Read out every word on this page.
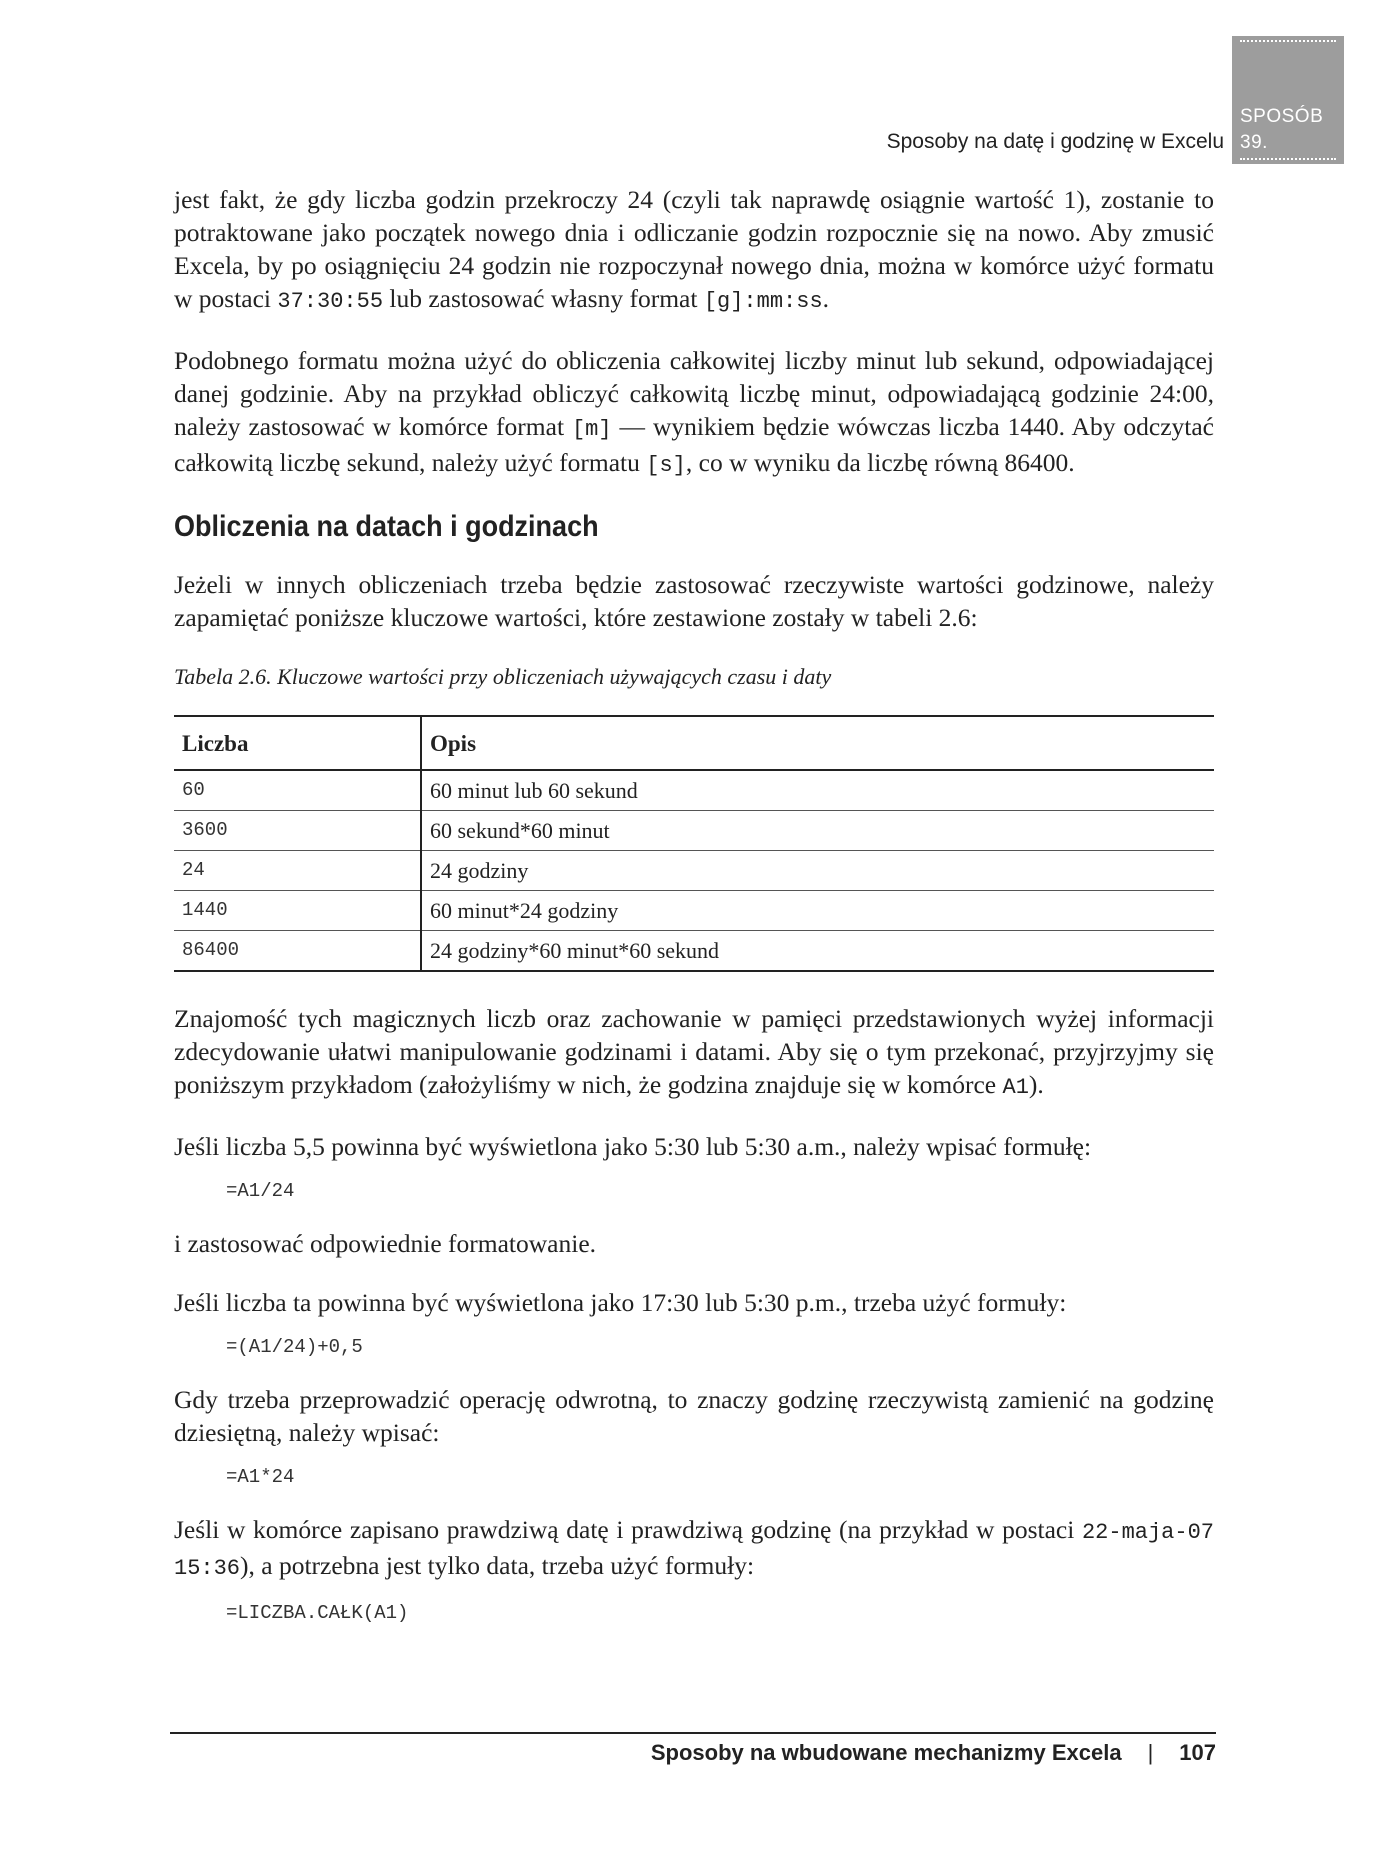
SPOSÓB
39.
Sposoby na datę i godzinę w Excelu

jest fakt, że gdy liczba godzin przekroczy 24 (czyli tak naprawdę osiągnie wartość 1), zostanie to potraktowane jako początek nowego dnia i odliczanie godzin rozpocznie się na nowo. Aby zmusić Excela, by po osiągnięciu 24 godzin nie rozpoczynał nowego dnia, można w komórce użyć formatu w postaci 37:30:55 lub zastosować własny format [g]:mm:ss.

Podobnego formatu można użyć do obliczenia całkowitej liczby minut lub sekund, odpowiadającej danej godzinie. Aby na przykład obliczyć całkowitą liczbę minut, odpowiadającą godzinie 24:00, należy zastosować w komórce format [m] — wynikiem będzie wówczas liczba 1440. Aby odczytać całkowitą liczbę sekund, należy użyć formatu [s], co w wyniku da liczbę równą 86400.

Obliczenia na datach i godzinach

Jeżeli w innych obliczeniach trzeba będzie zastosować rzeczywiste wartości godzinowe, należy zapamiętać poniższe kluczowe wartości, które zestawione zostały w tabeli 2.6:

Tabela 2.6. Kluczowe wartości przy obliczeniach używających czasu i daty
Liczba	Opis
60	60 minut lub 60 sekund
3600	60 sekund*60 minut
24	24 godziny
1440	60 minut*24 godziny
86400	24 godziny*60 minut*60 sekund

Znajomość tych magicznych liczb oraz zachowanie w pamięci przedstawionych wyżej informacji zdecydowanie ułatwi manipulowanie godzinami i datami. Aby się o tym przekonać, przyjrzyjmy się poniższym przykładom (założyliśmy w nich, że godzina znajduje się w komórce A1).

Jeśli liczba 5,5 powinna być wyświetlona jako 5:30 lub 5:30 a.m., należy wpisać formułę:

=A1/24

i zastosować odpowiednie formatowanie.

Jeśli liczba ta powinna być wyświetlona jako 17:30 lub 5:30 p.m., trzeba użyć formuły:

=(A1/24)+0,5

Gdy trzeba przeprowadzić operację odwrotną, to znaczy godzinę rzeczywistą zamienić na godzinę dziesiętną, należy wpisać:

=A1*24

Jeśli w komórce zapisano prawdziwą datę i prawdziwą godzinę (na przykład w postaci 22-maja-07 15:36), a potrzebna jest tylko data, trzeba użyć formuły:

=LICZBA.CAŁK(A1)
Sposoby na wbudowane mechanizmy Excela | 107
